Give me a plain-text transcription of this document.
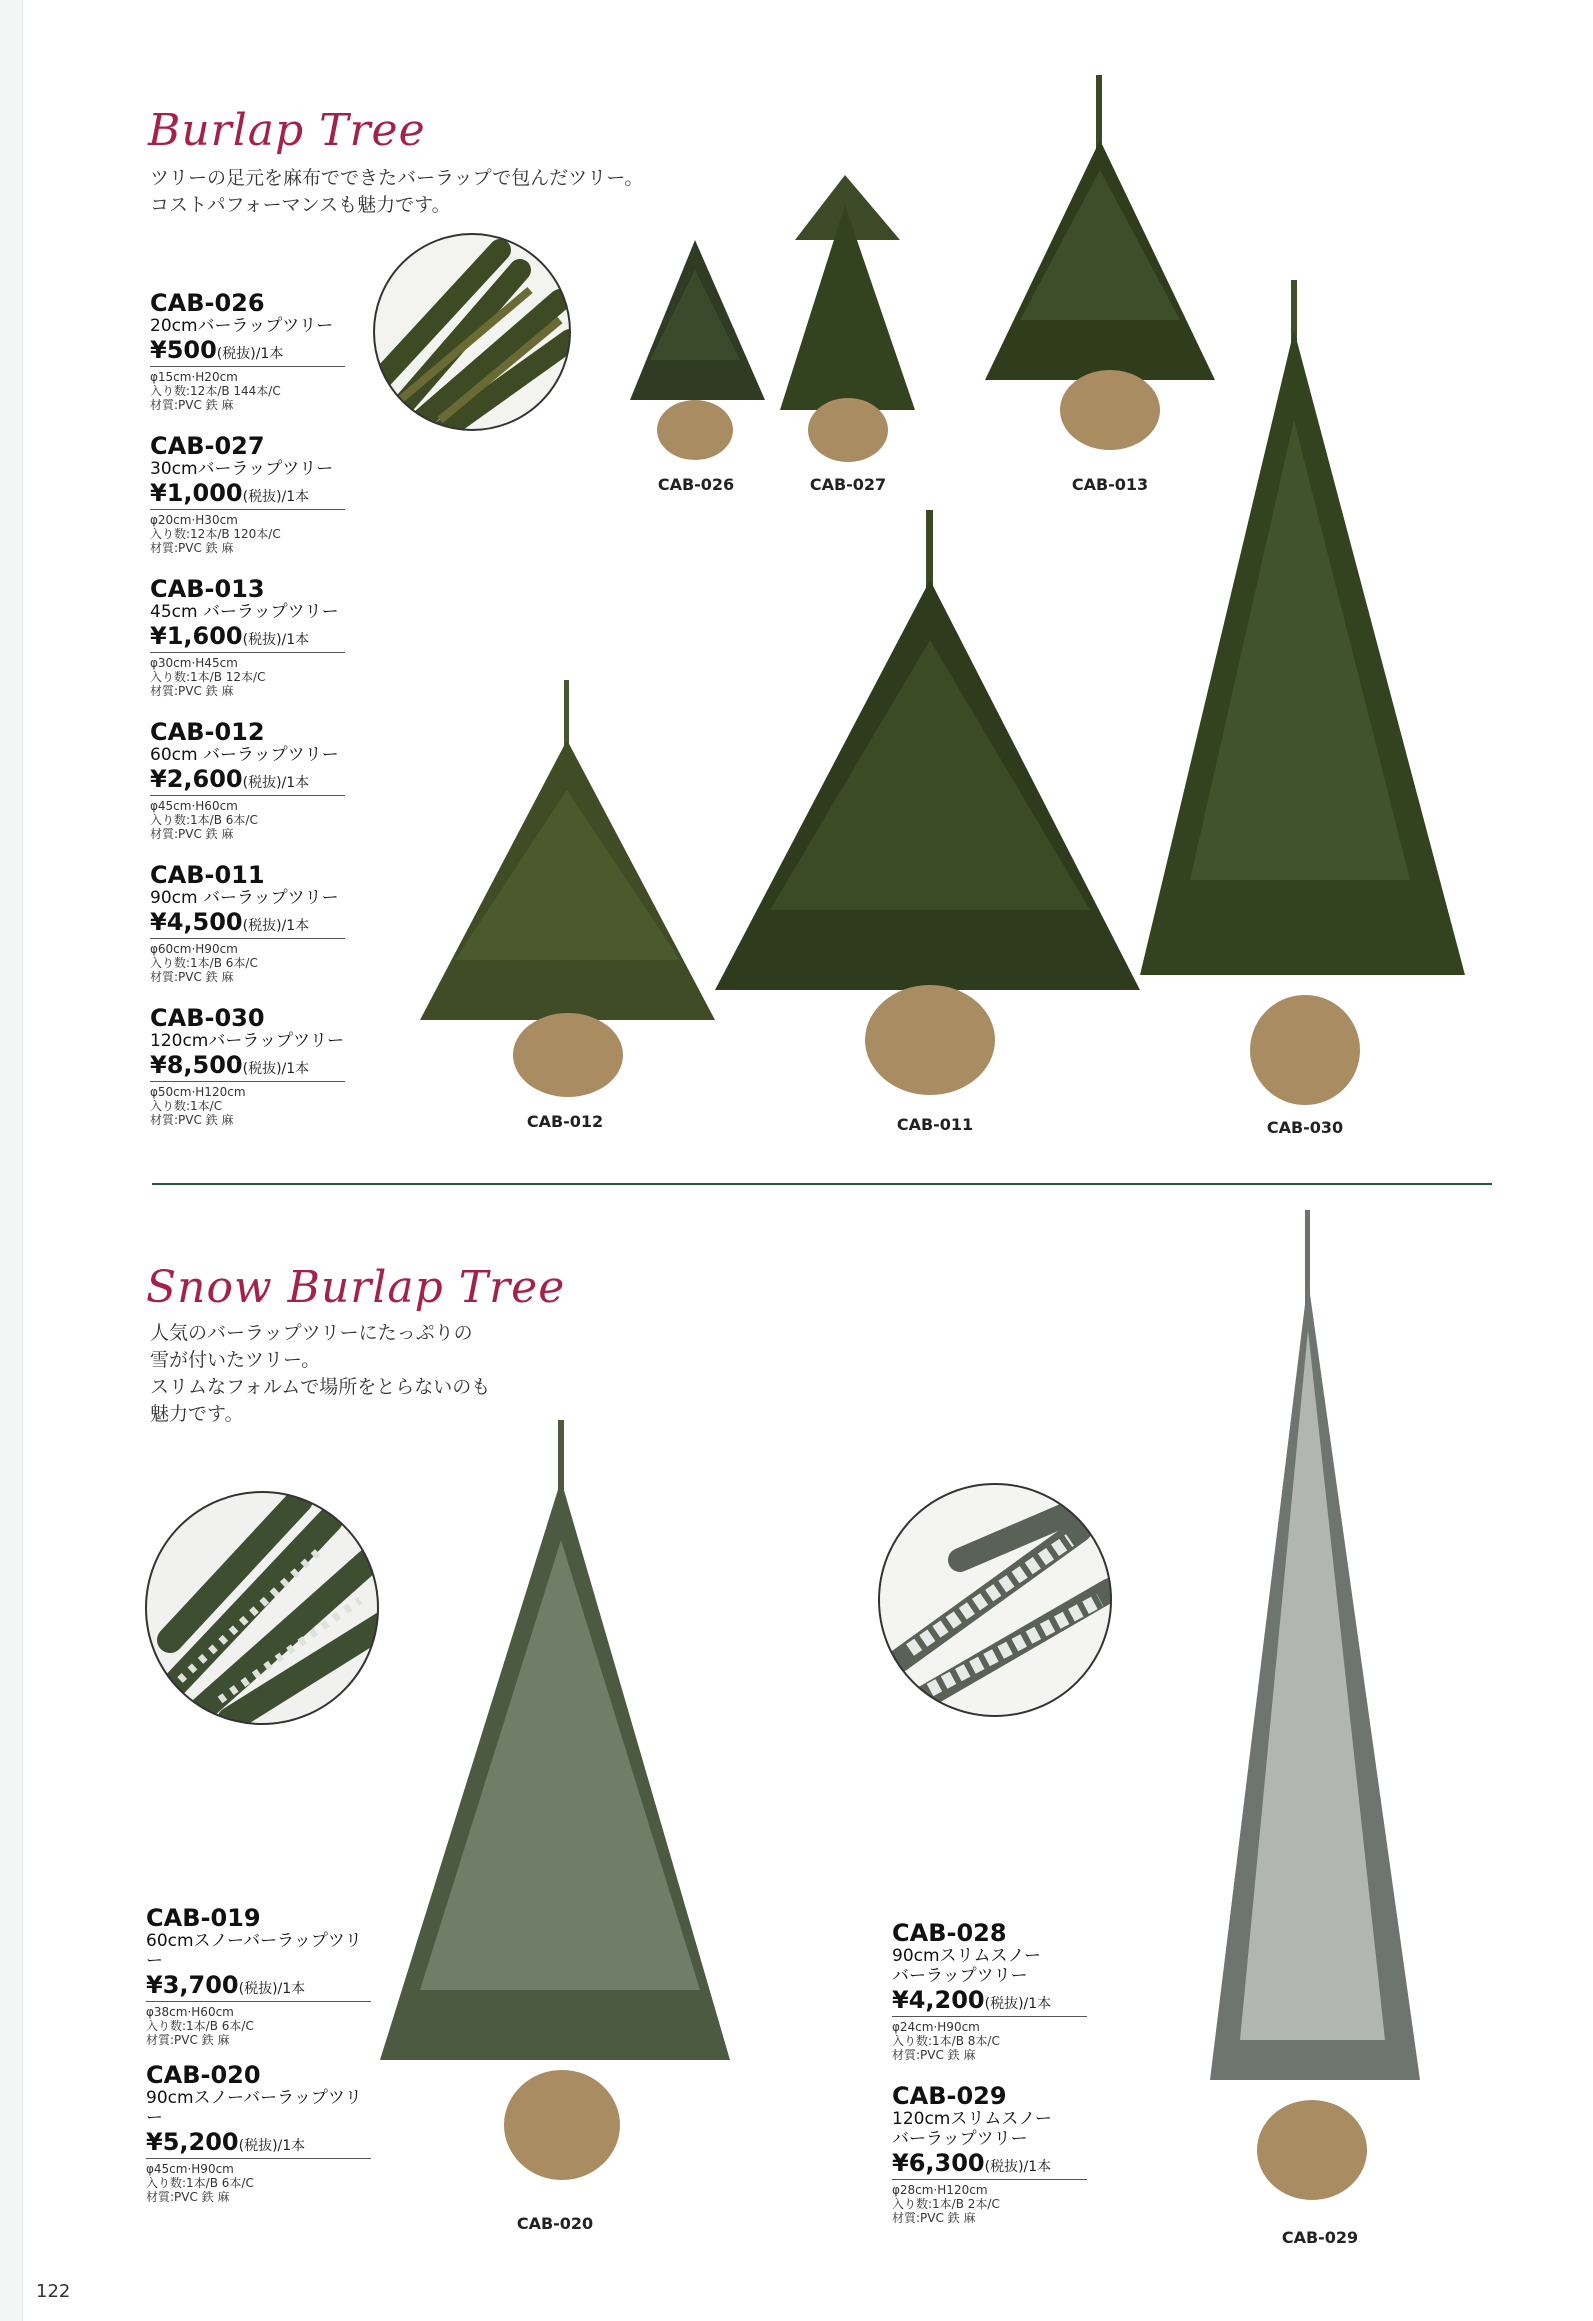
Burlap Tree
ツリーの足元を麻布でできたバーラップで包んだツリー。
コストパフォーマンスも魅力です。
CAB-026
20cmバーラップツリー
¥500(税抜)/1本
φ15cm·H20cm
入り数:12本/B 144本/C
材質:PVC 鉄 麻
CAB-027
30cmバーラップツリー
¥1,000(税抜)/1本
φ20cm·H30cm
入り数:12本/B 120本/C
材質:PVC 鉄 麻
CAB-013
45cm バーラップツリー
¥1,600(税抜)/1本
φ30cm·H45cm
入り数:1本/B 12本/C
材質:PVC 鉄 麻
CAB-012
60cm バーラップツリー
¥2,600(税抜)/1本
φ45cm·H60cm
入り数:1本/B 6本/C
材質:PVC 鉄 麻
CAB-011
90cm バーラップツリー
¥4,500(税抜)/1本
φ60cm·H90cm
入り数:1本/B 6本/C
材質:PVC 鉄 麻
CAB-030
120cmバーラップツリー
¥8,500(税抜)/1本
φ50cm·H120cm
入り数:1本/C
材質:PVC 鉄 麻
CAB-026	CAB-027	CAB-013
CAB-012	CAB-011	CAB-030
Snow Burlap Tree
人気のバーラップツリーにたっぷりの
雪が付いたツリー。
スリムなフォルムで場所をとらないのも
魅力です。
CAB-019
60cmスノーバーラップツリー
¥3,700(税抜)/1本
φ38cm·H60cm
入り数:1本/B 6本/C
材質:PVC 鉄 麻
CAB-020
90cmスノーバーラップツリー
¥5,200(税抜)/1本
φ45cm·H90cm
入り数:1本/B 6本/C
材質:PVC 鉄 麻
CAB-028
90cmスリムスノー
バーラップツリー
¥4,200(税抜)/1本
φ24cm·H90cm
入り数:1本/B 8本/C
材質:PVC 鉄 麻
CAB-029
120cmスリムスノー
バーラップツリー
¥6,300(税抜)/1本
φ28cm·H120cm
入り数:1本/B 2本/C
材質:PVC 鉄 麻
CAB-020
CAB-029
122
